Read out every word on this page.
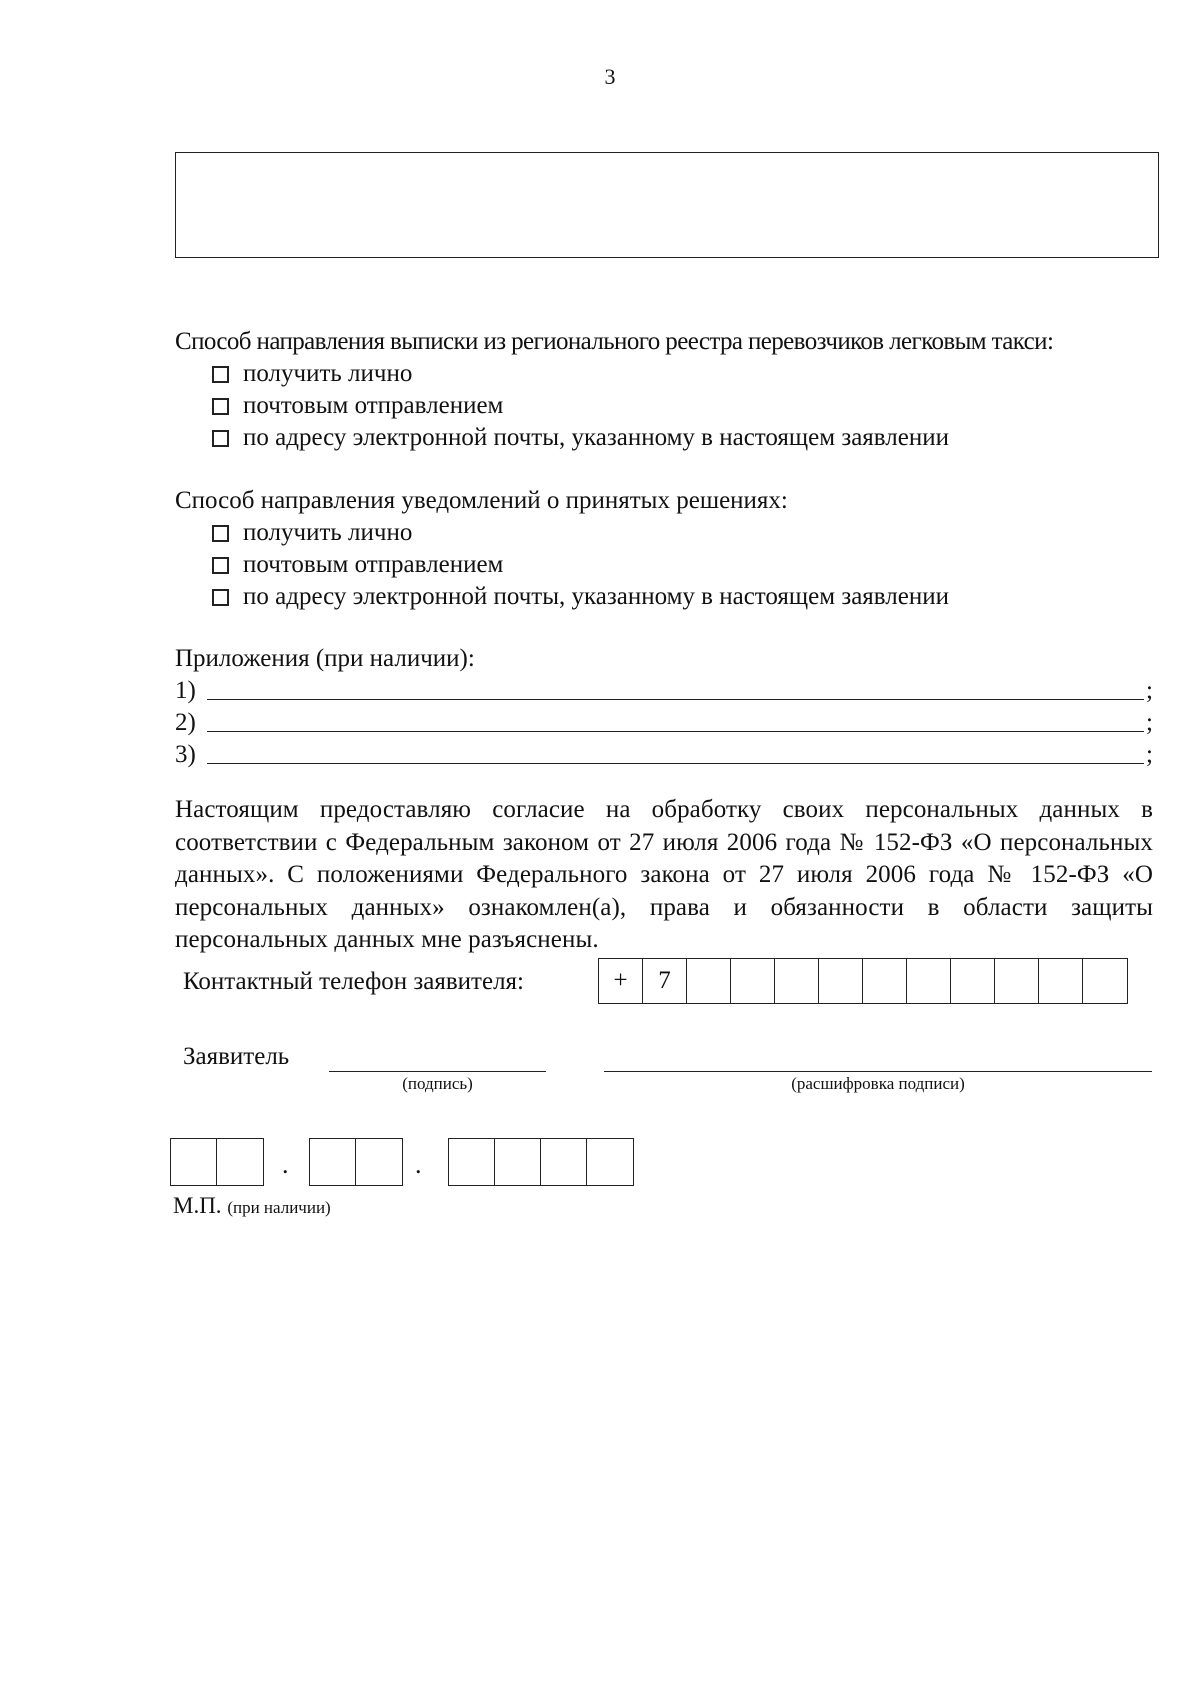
3
Способ направления выписки из регионального реестра перевозчиков легковым такси:
получить лично
почтовым отправлением
по адресу электронной почты, указанному в настоящем заявлении
Способ направления уведомлений о принятых решениях:
получить лично
почтовым отправлением
по адресу электронной почты, указанному в настоящем заявлении
Приложения (при наличии):
1)	;
2)	;
3)	;
Настоящим предоставляю согласие на обработку своих персональных данных в соответствии с Федеральным законом от 27 июля 2006 года № 152-ФЗ «О персональных данных». С положениями Федерального закона от 27 июля 2006 года № 152-ФЗ «О персональных данных» ознакомлен(а), права и обязанности в области защиты персональных данных мне разъяснены.
Контактный телефон заявителя:	+	7
Заявитель
(подпись)	(расшифровка подписи)
.	.
М.П. (при наличии)
